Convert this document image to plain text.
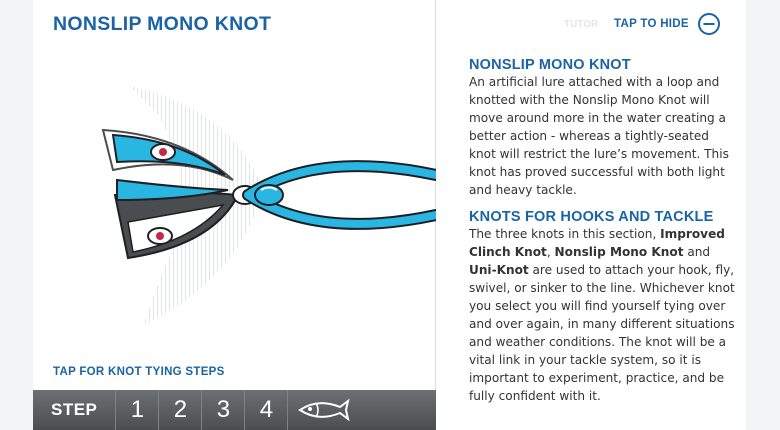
NONSLIP MONO KNOT
TAP FOR KNOT TYING STEPS
STEP	1	2	3	4
TUTOR TAP TO HIDE
NONSLIP MONO KNOT

An artificial lure attached with a loop and knotted with the Nonslip Mono Knot will move around more in the water creating a better action - whereas a tightly-seated knot will restrict the lure’s movement. This knot has proved successful with both light and heavy tackle.

KNOTS FOR HOOKS AND TACKLE

The three knots in this section, Improved Clinch Knot, Nonslip Mono Knot and Uni-Knot are used to attach your hook, fly, swivel, or sinker to the line. Whichever knot you select you will find yourself tying over and over again, in many different situations and weather conditions. The knot will be a vital link in your tackle system, so it is important to experiment, practice, and be fully confident with it.
